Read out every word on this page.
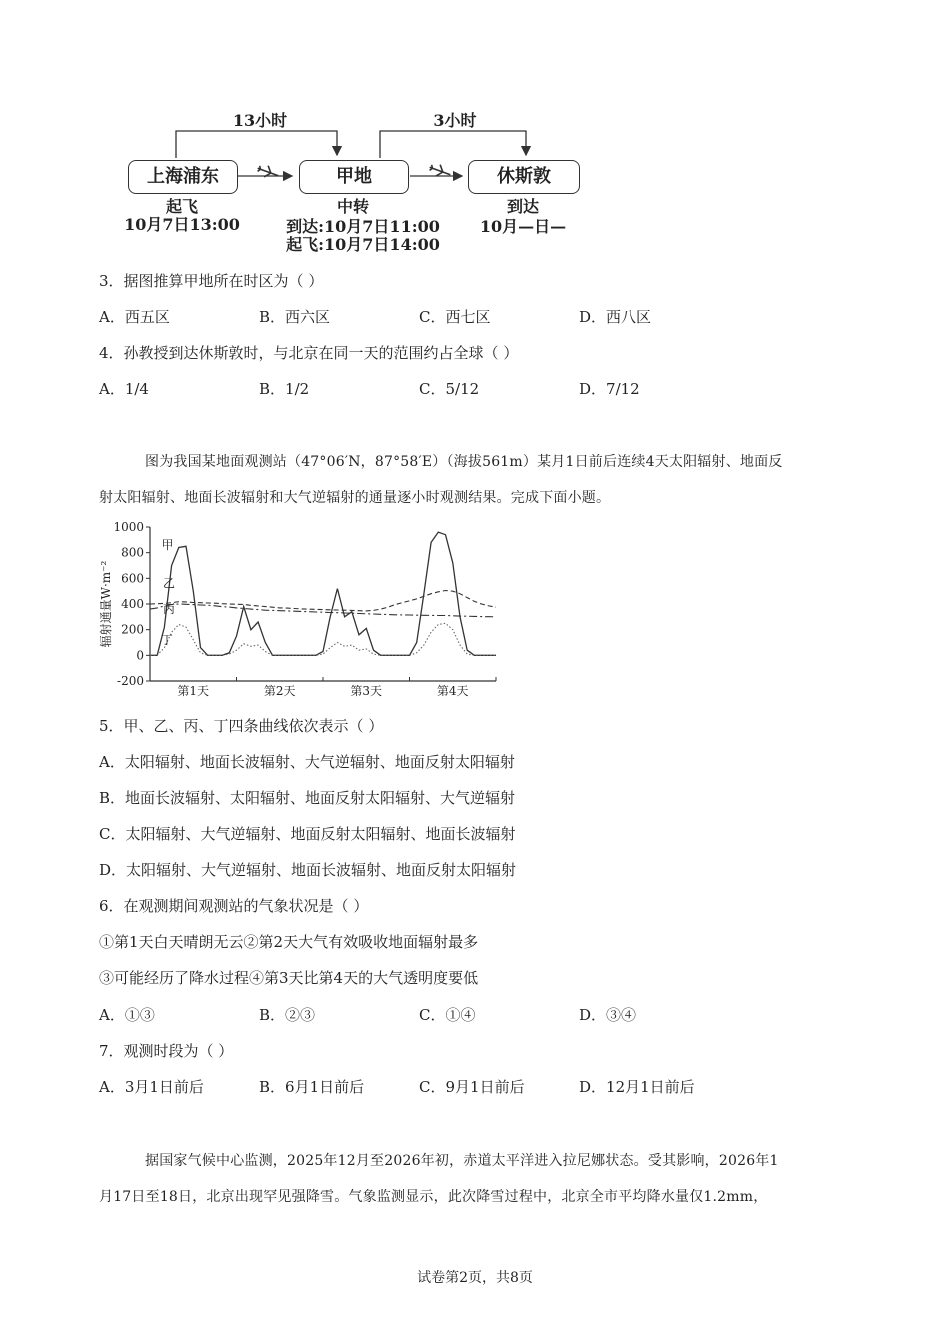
13小时	3小时
上海浦东	甲地	休斯敦
起飞
10月7日13:00
中转
到达:10月7日11:00
起飞:10月7日14:00
到达
10月—日—
3．据图推算甲地所在时区为（ ）
A．西五区	B．西六区	C．西七区	D．西八区
4．孙教授到达休斯敦时，与北京在同一天的范围约占全球（ ）
A．1/4	B．1/2	C．5/12	D．7/12
图为我国某地面观测站（47°06′N，87°58′E）（海拔561m）某月1日前后连续4天太阳辐射、地面反
射太阳辐射、地面长波辐射和大气逆辐射的通量逐小时观测结果。完成下面小题。
1000
800
600
400
200
0
-200
辐射通量W·m⁻²
第1天	第2天	第3天	第4天
甲
乙
丙
丁
5．甲、乙、丙、丁四条曲线依次表示（ ）
A．太阳辐射、地面长波辐射、大气逆辐射、地面反射太阳辐射
B．地面长波辐射、太阳辐射、地面反射太阳辐射、大气逆辐射
C．太阳辐射、大气逆辐射、地面反射太阳辐射、地面长波辐射
D．太阳辐射、大气逆辐射、地面长波辐射、地面反射太阳辐射
6．在观测期间观测站的气象状况是（ ）
①第1天白天晴朗无云②第2天大气有效吸收地面辐射最多
③可能经历了降水过程④第3天比第4天的大气透明度要低
A．①③	B．②③	C．①④	D．③④
7．观测时段为（ ）
A．3月1日前后	B．6月1日前后	C．9月1日前后	D．12月1日前后
据国家气候中心监测，2025年12月至2026年初，赤道太平洋进入拉尼娜状态。受其影响，2026年1
月17日至18日，北京出现罕见强降雪。气象监测显示，此次降雪过程中，北京全市平均降水量仅1.2mm，
试卷第2页，共8页
